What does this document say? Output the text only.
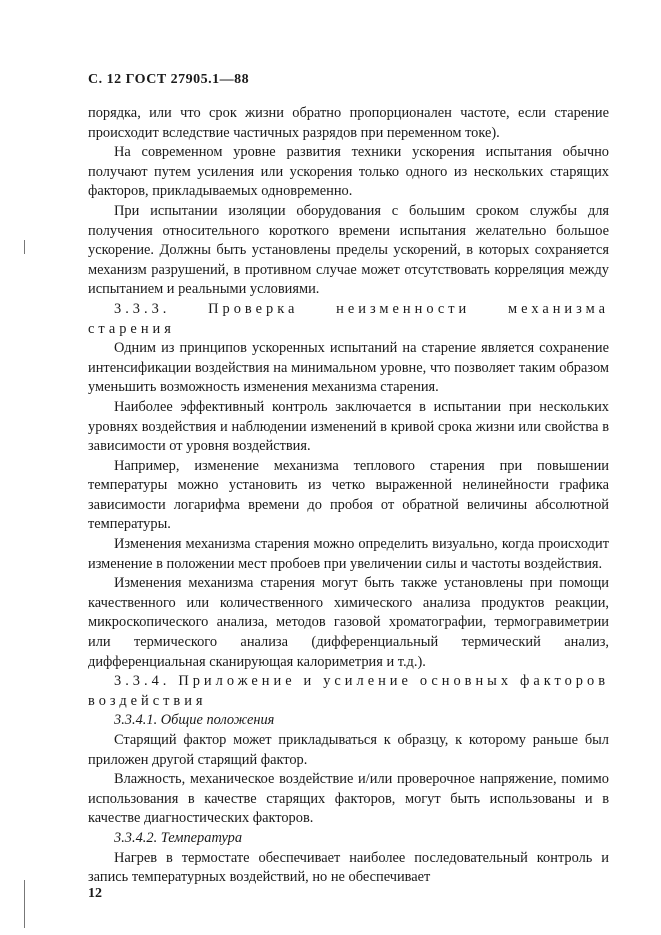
С. 12 ГОСТ 27905.1—88

порядка, или что срок жизни обратно пропорционален частоте, если старение происходит вследствие частичных разрядов при переменном токе).

На современном уровне развития техники ускорения испытания обычно получают путем усиления или ускорения только одного из нескольких старящих факторов, прикладываемых одновременно.

При испытании изоляции оборудования с большим сроком службы для получения относительного короткого времени испытания желательно большое ускорение. Должны быть установлены пределы ускорений, в которых сохраняется механизм разрушений, в противном случае может отсутствовать корреляция между испытанием и реальными условиями.

3.3.3. Проверка неизменности механизма старения

Одним из принципов ускоренных испытаний на старение является сохранение интенсификации воздействия на минимальном уровне, что позволяет таким образом уменьшить возможность изменения механизма старения.

Наиболее эффективный контроль заключается в испытании при нескольких уровнях воздействия и наблюдении изменений в кривой срока жизни или свойства в зависимости от уровня воздействия.

Например, изменение механизма теплового старения при повышении температуры можно установить из четко выраженной нелинейности графика зависимости логарифма времени до пробоя от обратной величины абсолютной температуры.

Изменения механизма старения можно определить визуально, когда происходит изменение в положении мест пробоев при увеличении силы и частоты воздействия.

Изменения механизма старения могут быть также установлены при помощи качественного или количественного химического анализа продуктов реакции, микроскопического анализа, методов газовой хроматографии, термогравиметрии или термического анализа (дифференциальный термический анализ, дифференциальная сканирующая калориметрия и т.д.).

3.3.4. Приложение и усиление основных факторов воздействия

3.3.4.1. Общие положения

Старящий фактор может прикладываться к образцу, к которому раньше был приложен другой старящий фактор.

Влажность, механическое воздействие и/или проверочное напряжение, помимо использования в качестве старящих факторов, могут быть использованы и в качестве диагностических факторов.

3.3.4.2. Температура

Нагрев в термостате обеспечивает наиболее последовательный контроль и запись температурных воздействий, но не обеспечивает

12
